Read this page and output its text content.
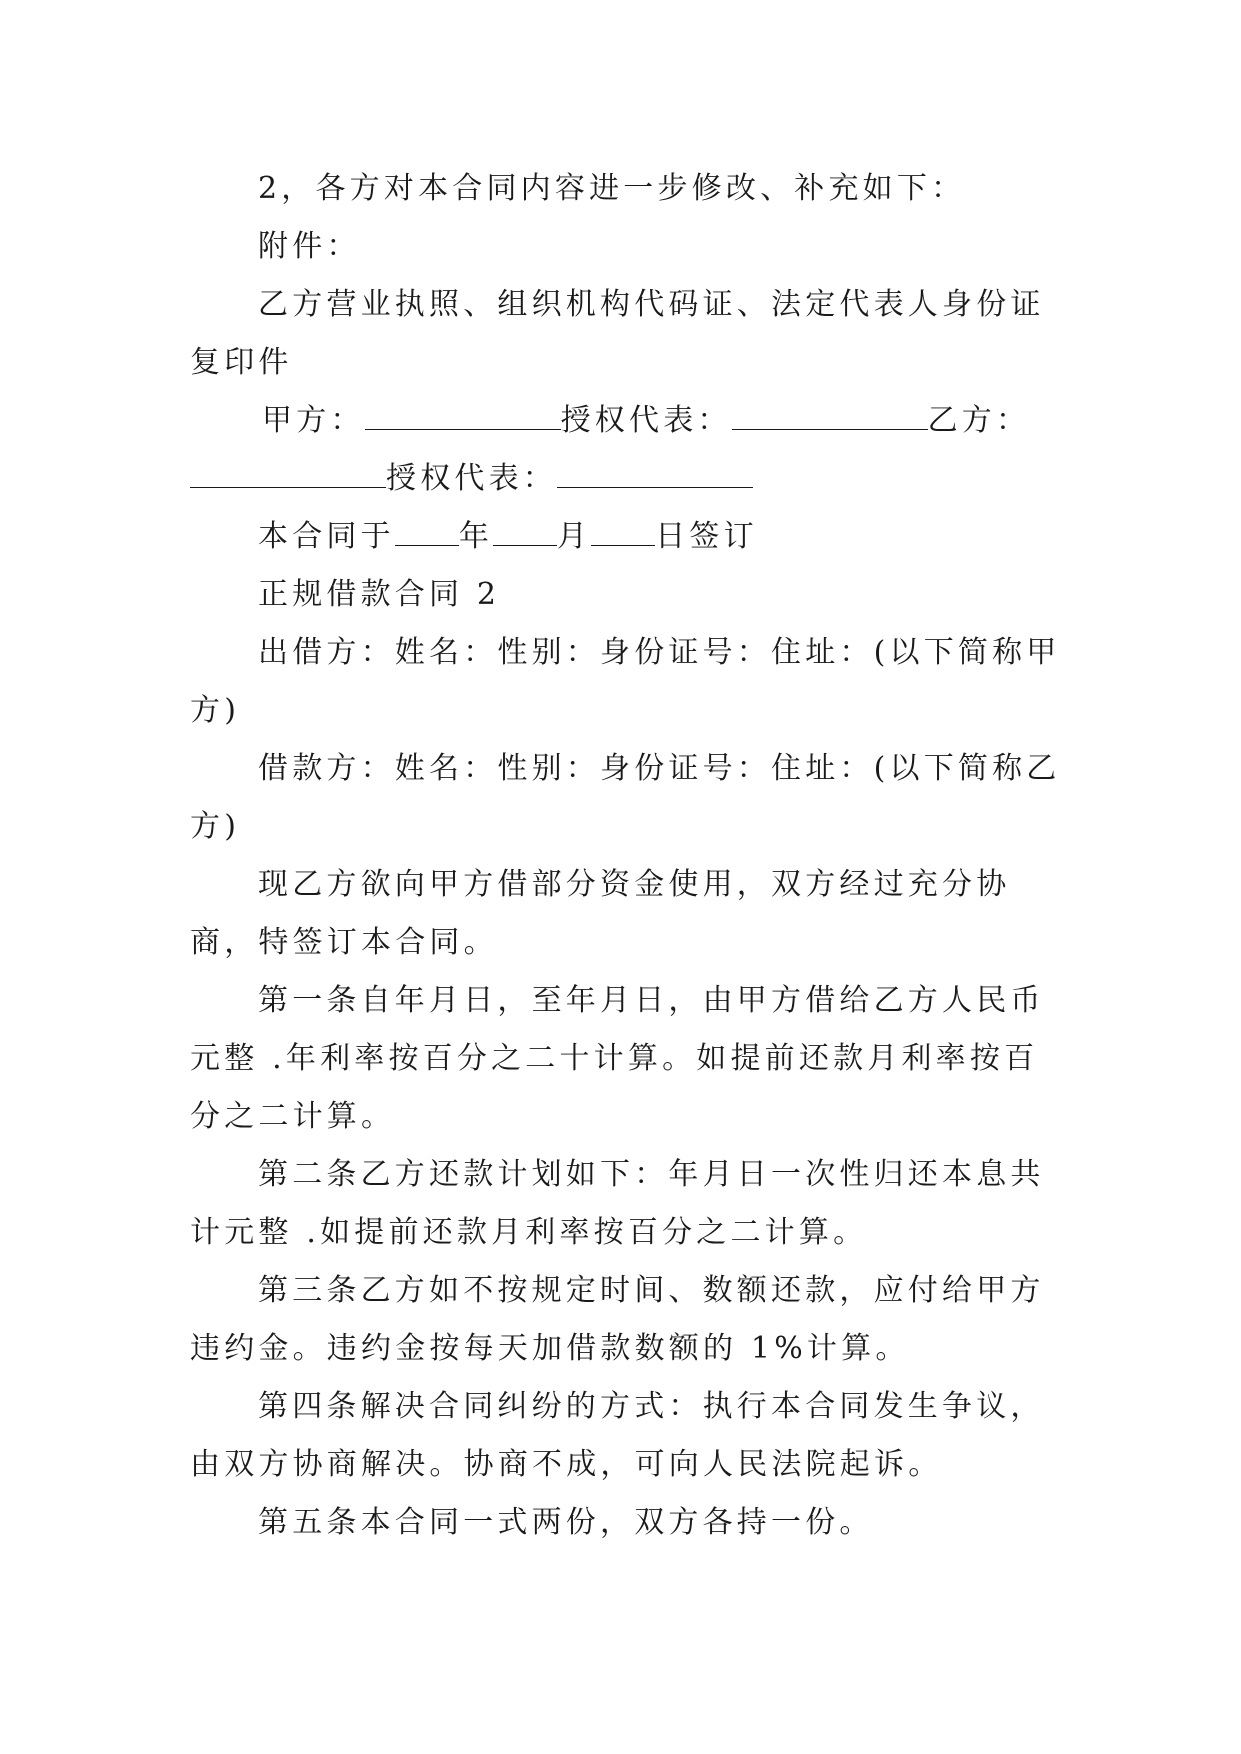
2，各方对本合同内容进一步修改、补充如下：

附件：

乙方营业执照、组织机构代码证、法定代表人身份证复印件

甲方：	授权代表：	乙方：授权代表：

本合同于 年 月 日签订

正规借款合同 2

出借方：姓名：性别：身份证号：住址：(以下简称甲方)

借款方：姓名：性别：身份证号：住址：(以下简称乙方)

现乙方欲向甲方借部分资金使用，双方经过充分协商，特签订本合同。

第一条自年月日，至年月日，由甲方借给乙方人民币元整 .年利率按百分之二十计算。如提前还款月利率按百分之二计算。

第二条乙方还款计划如下：年月日一次性归还本息共计元整 .如提前还款月利率按百分之二计算。

第三条乙方如不按规定时间、数额还款，应付给甲方违约金。违约金按每天加借款数额的 1%计算。

第四条解决合同纠纷的方式：执行本合同发生争议，由双方协商解决。协商不成，可向人民法院起诉。

第五条本合同一式两份，双方各持一份。
